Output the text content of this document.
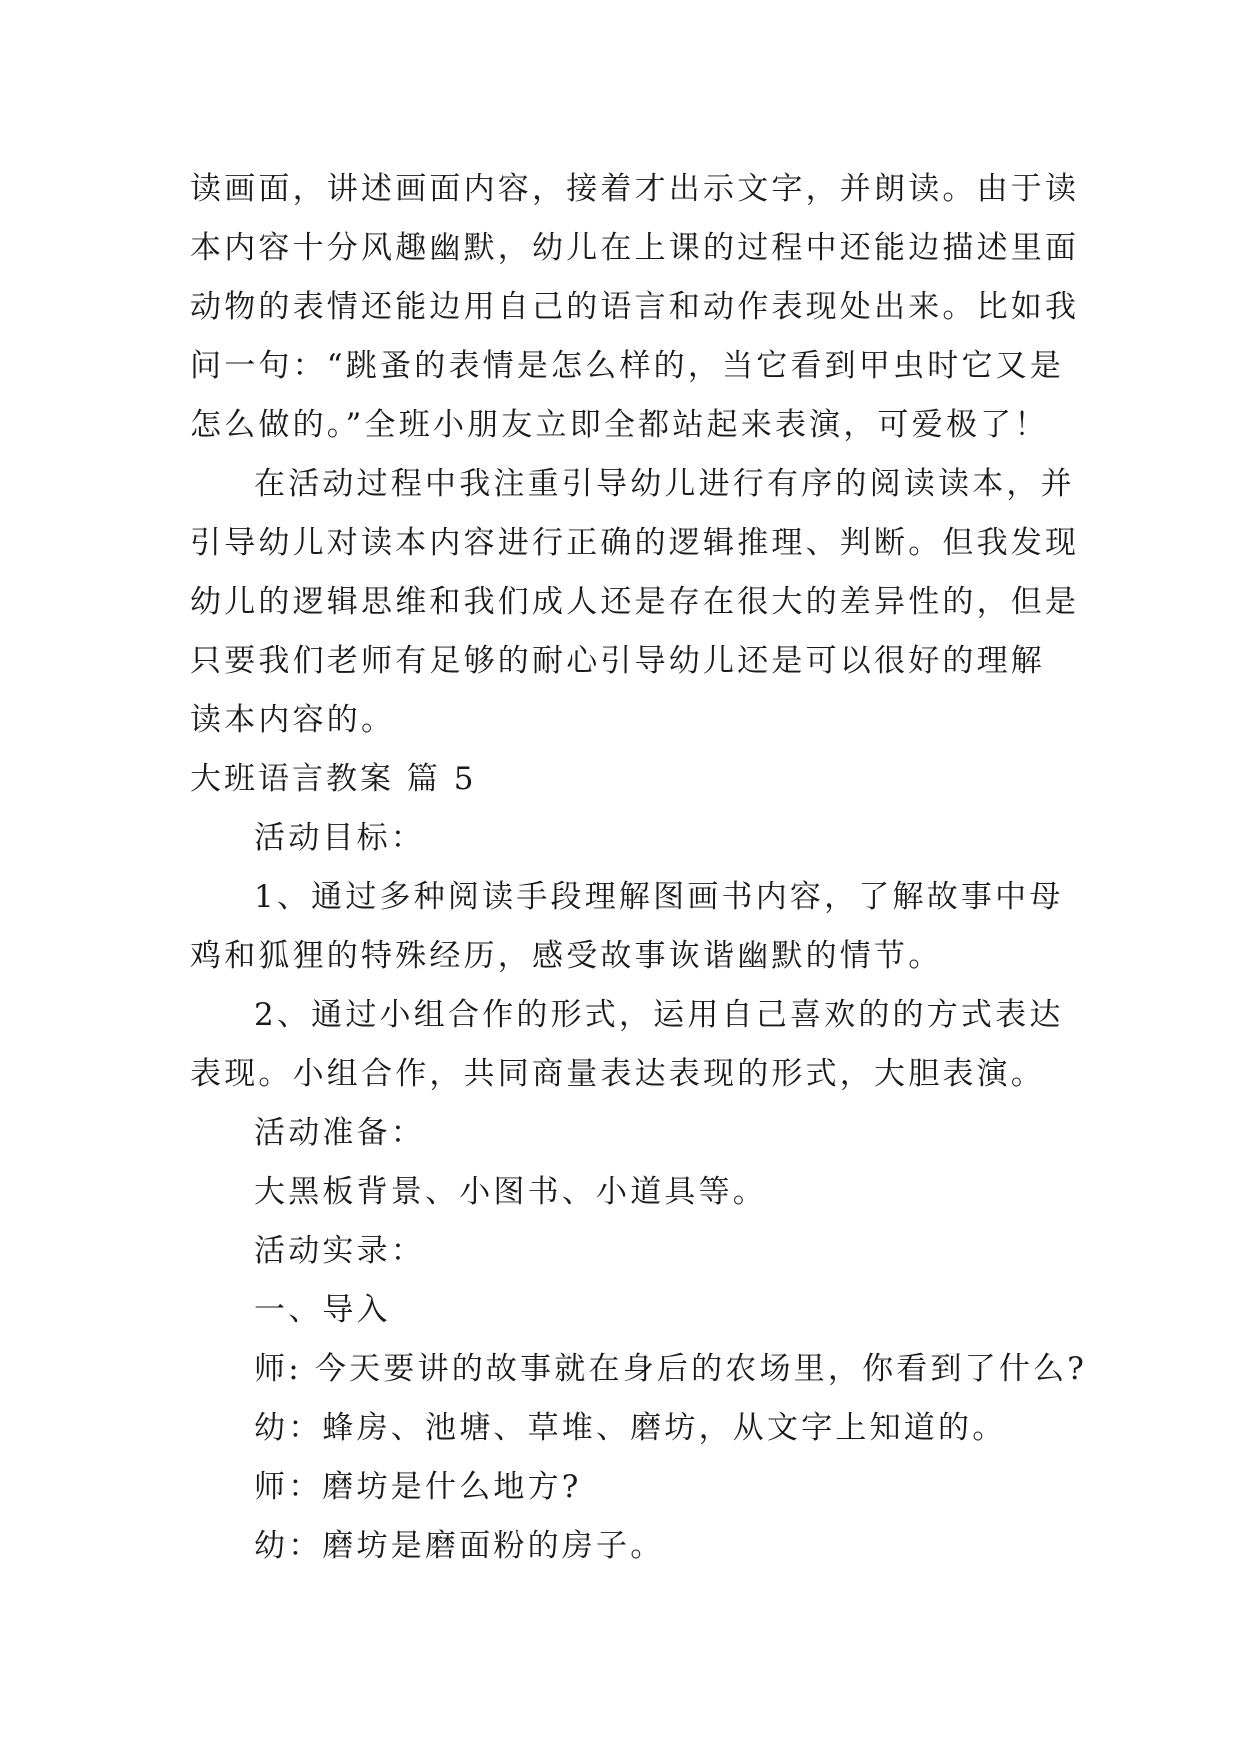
读画面，讲述画面内容，接着才出示文字，并朗读。由于读
本内容十分风趣幽默，幼儿在上课的过程中还能边描述里面
动物的表情还能边用自己的语言和动作表现处出来。比如我
问一句：“跳蚤的表情是怎么样的，当它看到甲虫时它又是
怎么做的。”全班小朋友立即全都站起来表演，可爱极了！
在活动过程中我注重引导幼儿进行有序的阅读读本，并
引导幼儿对读本内容进行正确的逻辑推理、判断。但我发现
幼儿的逻辑思维和我们成人还是存在很大的差异性的，但是
只要我们老师有足够的耐心引导幼儿还是可以很好的理解
读本内容的。
大班语言教案 篇 5
活动目标：
1、通过多种阅读手段理解图画书内容，了解故事中母
鸡和狐狸的特殊经历，感受故事诙谐幽默的情节。
2、通过小组合作的形式，运用自己喜欢的的方式表达
表现。小组合作，共同商量表达表现的形式，大胆表演。
活动准备：
大黑板背景、小图书、小道具等。
活动实录：
一、导入
师: 今天要讲的故事就在身后的农场里，你看到了什么?
幼：蜂房、池塘、草堆、磨坊，从文字上知道的。
师：磨坊是什么地方?
幼：磨坊是磨面粉的房子。
